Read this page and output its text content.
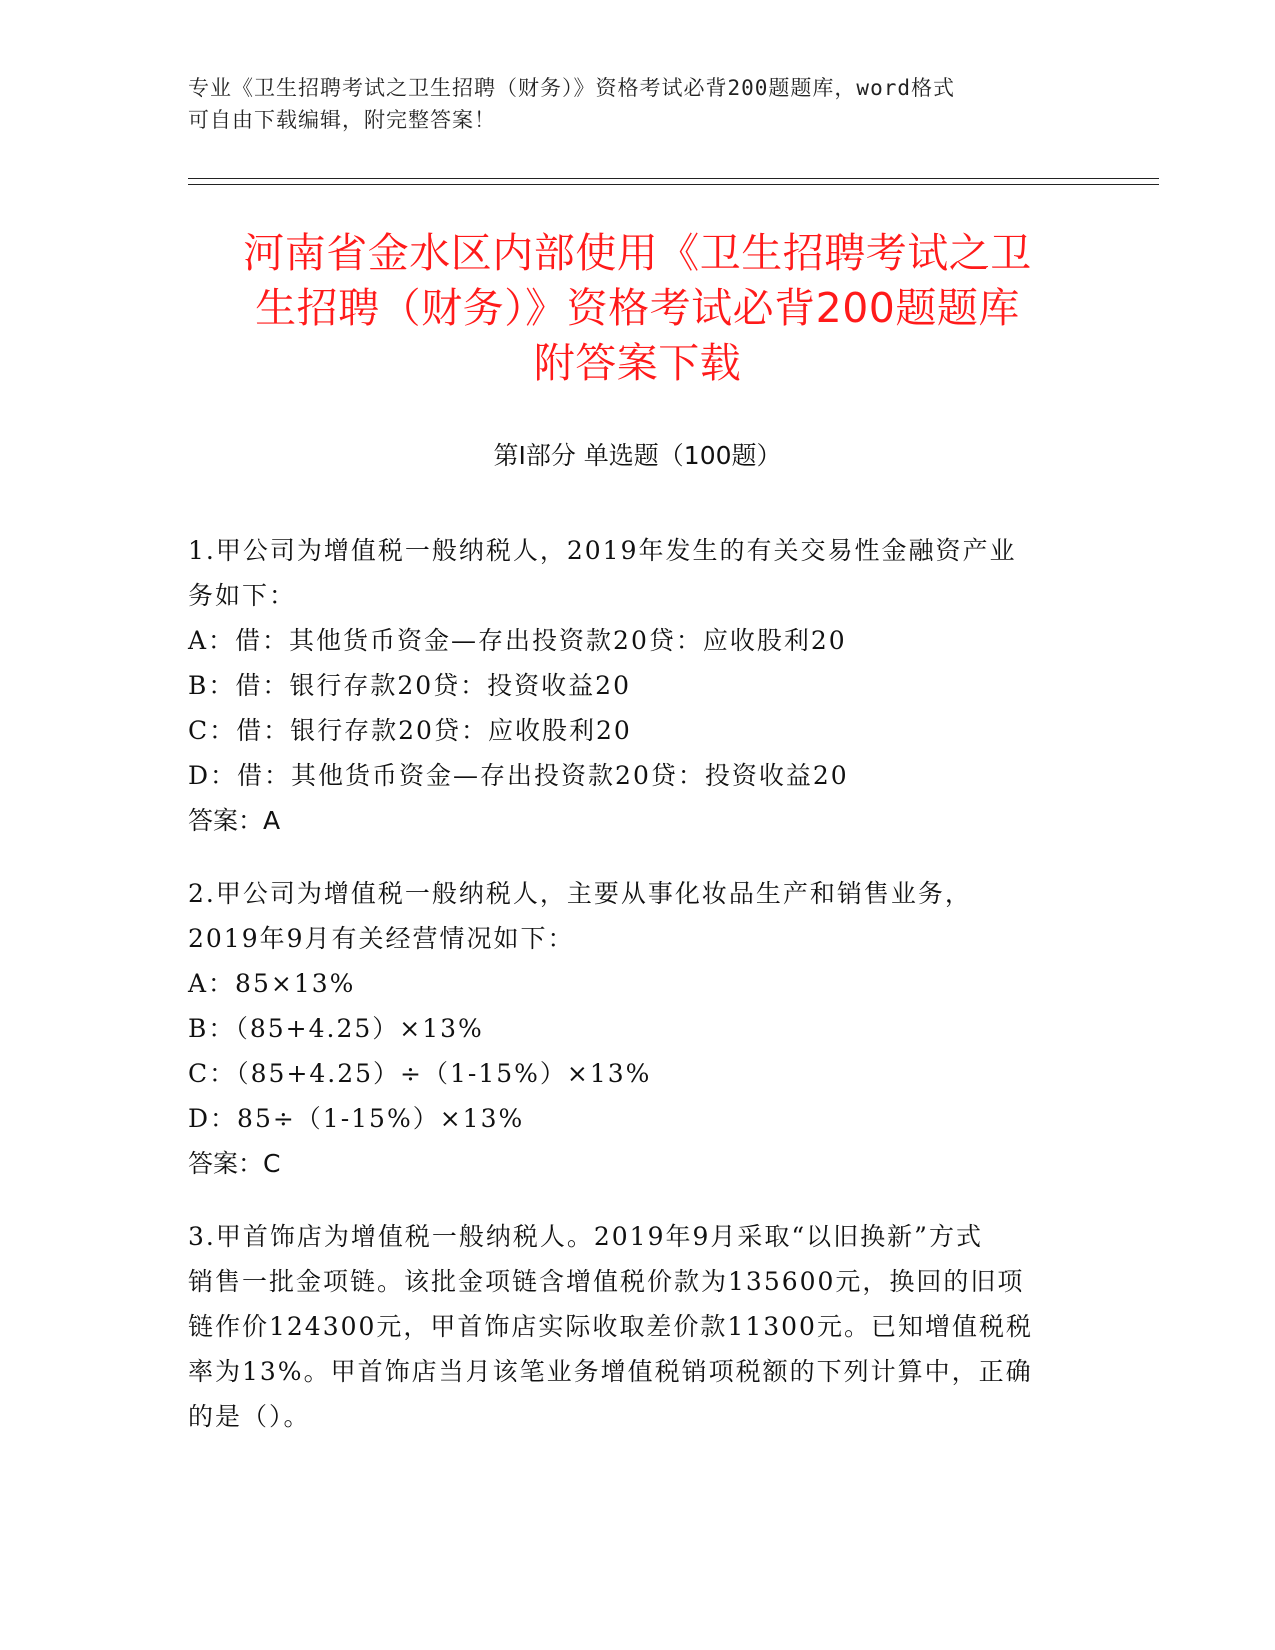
专业《卫生招聘考试之卫生招聘（财务）》资格考试必背200题题库，word格式
可自由下载编辑，附完整答案！
河南省金水区内部使用《卫生招聘考试之卫
生招聘（财务）》资格考试必背200题题库
附答案下载
第Ⅰ部分 单选题（100题）
1.甲公司为增值税一般纳税人，2019年发生的有关交易性金融资产业
务如下：
A：借：其他货币资金—存出投资款20贷：应收股利20
B：借：银行存款20贷：投资收益20
C：借：银行存款20贷：应收股利20
D：借：其他货币资金—存出投资款20贷：投资收益20
答案：A
2.甲公司为增值税一般纳税人，主要从事化妆品生产和销售业务，
2019年9月有关经营情况如下：
A：85×13%
B：（85+4.25）×13%
C：（85+4.25）÷（1-15%）×13%
D：85÷（1-15%）×13%
答案：C
3.甲首饰店为增值税一般纳税人。2019年9月采取“以旧换新”方式
销售一批金项链。该批金项链含增值税价款为135600元，换回的旧项
链作价124300元，甲首饰店实际收取差价款11300元。已知增值税税
率为13%。甲首饰店当月该笔业务增值税销项税额的下列计算中，正确
的是（）。
